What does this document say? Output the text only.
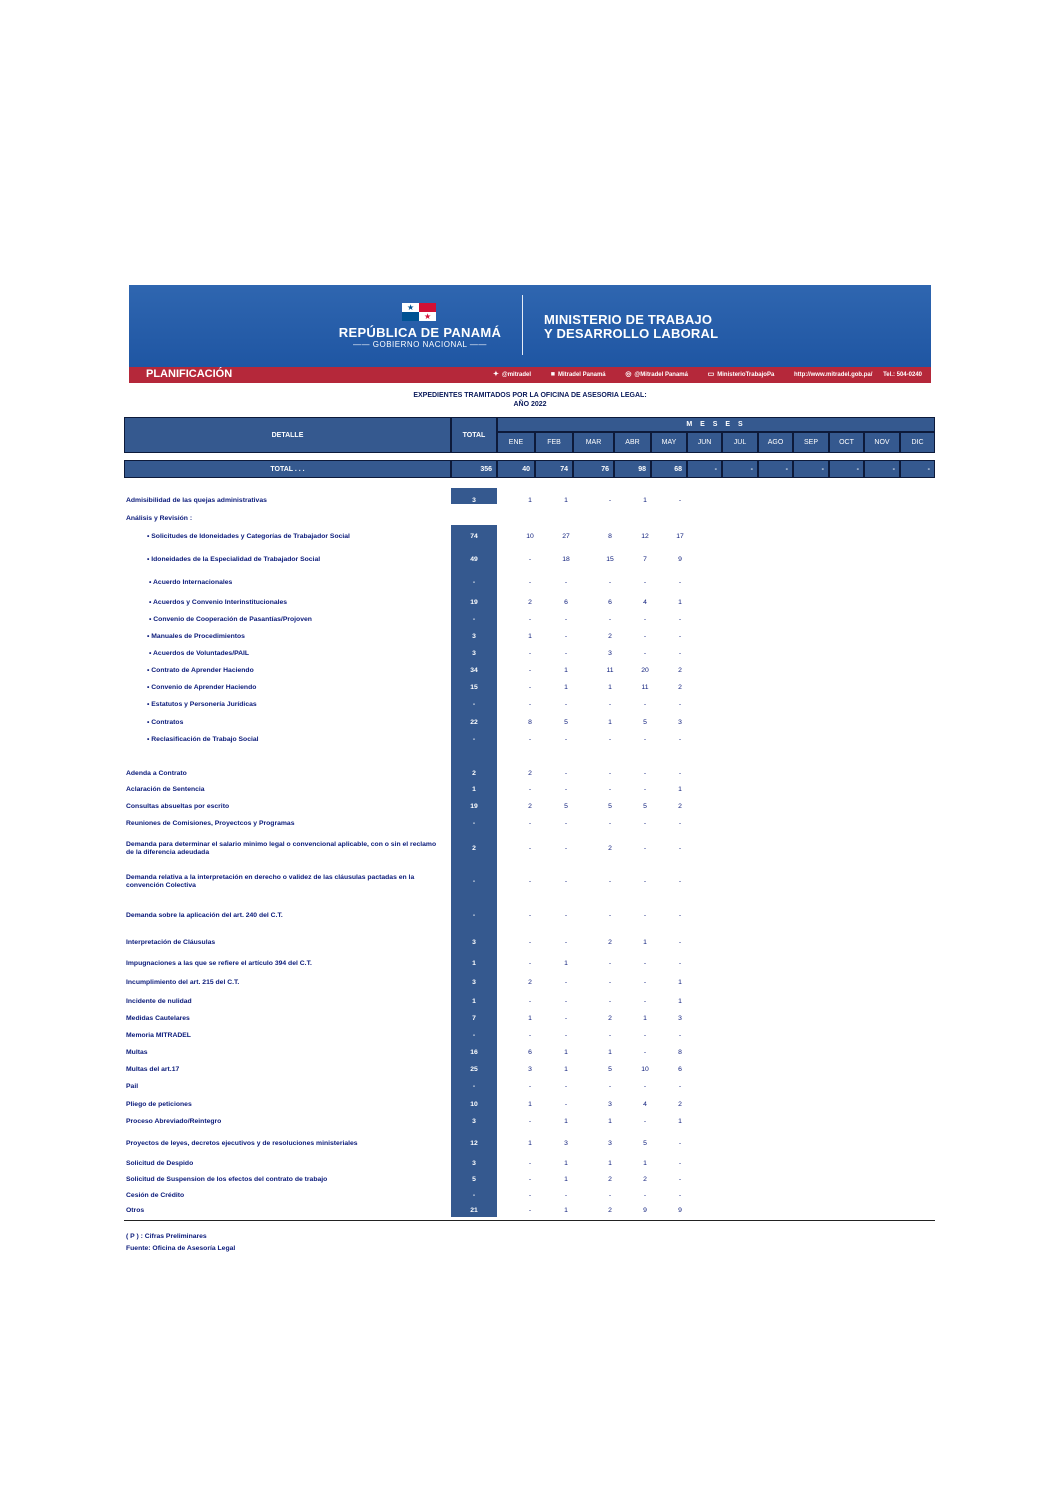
★
★
REPÚBLICA DE PANAMÁ
—— GOBIERNO NACIONAL ——
MINISTERIO DE TRABAJO
Y DESARROLLO LABORAL
PLANIFICACIÓN	✦ @mitradel	■ Mitradel Panamá	◎ @Mitradel Panamá	▭ MinisterioTrabajoPa	http://www.mitradel.gob.pa/ Tel.: 504-0240
EXPEDIENTES TRAMITADOS POR LA OFICINA DE ASESORIA LEGAL:
AÑO 2022
DETALLE	TOTAL
M E S E S
ENE	FEB	MAR	ABR	MAY	JUN	JUL	AGO	SEP	OCT	NOV	DIC
TOTAL . . .	356	40	74	76	98	68	-	-	-	-	-	-	-
Admisibilidad de las quejas administrativas	3	1	1	-	1	-
Análisis y Revisión :
• Solicitudes de Idoneidades y Categorías de Trabajador Social	74	10	27	8	12	17
• Idoneidades de la Especialidad de Trabajador Social	49	-	18	15	7	9
• Acuerdo Internacionales	-	-	-	-	-	-
• Acuerdos y Convenio Interinstitucionales	19	2	6	6	4	1
• Convenio de Cooperación de Pasantías/Projoven	-	-	-	-	-	-
• Manuales de Procedimientos	3	1	-	2	-	-
• Acuerdos de Voluntades/PAIL	3	-	-	3	-	-
• Contrato de Aprender Haciendo	34	-	1	11	20	2
• Convenio de Aprender Haciendo	15	-	1	1	11	2
• Estatutos y Personería Jurídicas	-	-	-	-	-	-
• Contratos	22	8	5	1	5	3
• Reclasificación de Trabajo Social	-	-	-	-	-	-
Adenda a Contrato	2	2	-	-	-	-
Aclaración de Sentencia	1	-	-	-	-	1
Consultas absueltas por escrito	19	2	5	5	5	2
Reuniones de Comisiones, Proyectcos y Programas	-	-	-	-	-	-
Demanda para determinar el salario minimo legal o convencional aplicable, con o sin el reclamo de la diferencia adeudada
2	-	-	2	-	-
Demanda relativa a la interpretación en derecho o validez de las cláusulas pactadas en la convención Colectiva
-	-	-	-	-	-
Demanda sobre la aplicación del art. 240 del C.T.	-	-	-	-	-	-
Interpretación de Cláusulas	3	-	-	2	1	-
Impugnaciones a las que se refiere el artículo 394 del C.T.	1	-	1	-	-	-
Incumplimiento del art. 215 del C.T.	3	2	-	-	-	1
Incidente de nulidad	1	-	-	-	-	1
Medidas Cautelares	7	1	-	2	1	3
Memoria MITRADEL	-	-	-	-	-	-
Multas	16	6	1	1	-	8
Multas del art.17	25	3	1	5	10	6
Pail	-	-	-	-	-	-
Pliego de peticiones	10	1	-	3	4	2
Proceso Abreviado/Reintegro	3	-	1	1	-	1
Proyectos de leyes, decretos ejecutivos y de resoluciones ministeriales	12	1	3	3	5	-
Solicitud de Despido	3	-	1	1	1	-
Solicitud de Suspension de los efectos del contrato de trabajo	5	-	1	2	2	-
Cesión de Crédito	-	-	-	-	-	-
Otros	21	-	1	2	9	9
( P ) : Cifras Preliminares
Fuente: Oficina de Asesoría Legal
